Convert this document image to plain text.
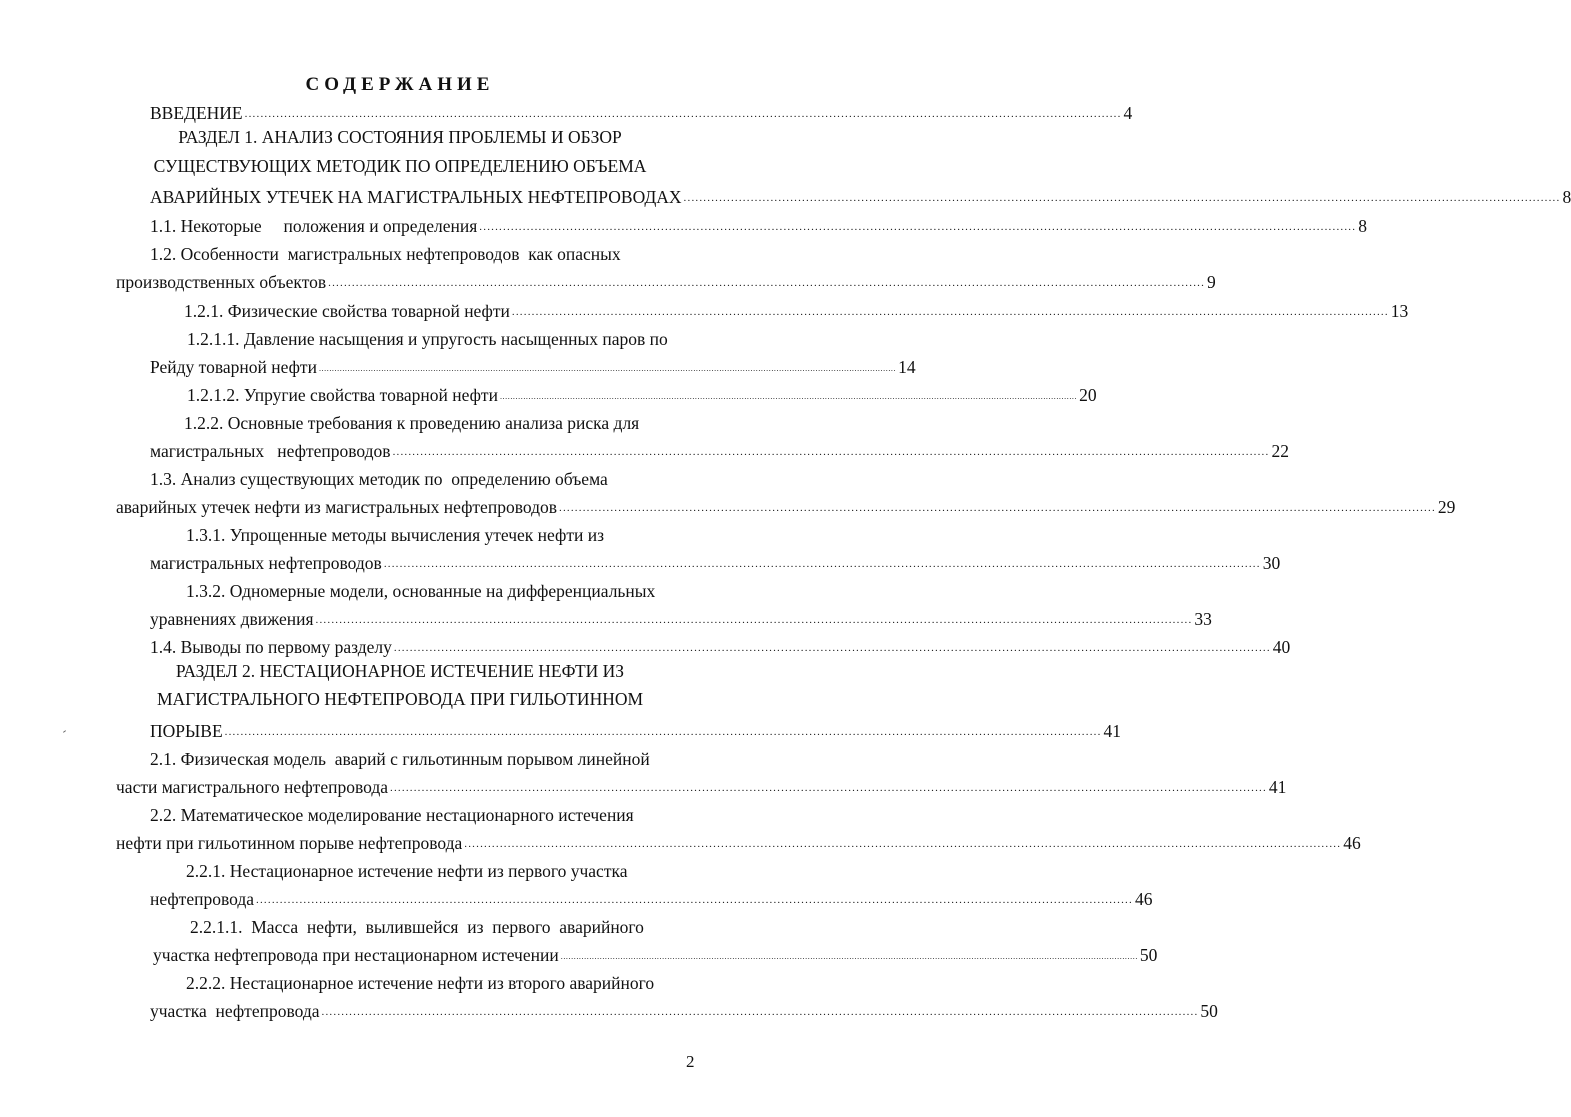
СОДЕРЖАНИЕ
ВВЕДЕНИЕ .............................................................................................................................................................................................................................. 4
РАЗДЕЛ 1. АНАЛИЗ СОСТОЯНИЯ ПРОБЛЕМЫ И ОБЗОР
СУЩЕСТВУЮЩИХ МЕТОДИК ПО ОПРЕДЕЛЕНИЮ ОБЪЕМА
АВАРИЙНЫХ УТЕЧЕК НА МАГИСТРАЛЬНЫХ НЕФТЕПРОВОДАХ .............................................................................................................................................................................................................................. 8
1.1. Некоторые     положения и определения .............................................................................................................................................................................................................................. 8
1.2. Особенности  магистральных нефтепроводов  как опасных
производственных объектов .............................................................................................................................................................................................................................. 9
1.2.1. Физические свойства товарной нефти .............................................................................................................................................................................................................................. 13
1.2.1.1. Давление насыщения и упругость насыщенных паров по
Рейду товарной нефти .............................................................................................................................................................................................................................. 14
1.2.1.2. Упругие свойства товарной нефти .............................................................................................................................................................................................................................. 20
1.2.2. Основные требования к проведению анализа риска для
магистральных   нефтепроводов .............................................................................................................................................................................................................................. 22
1.3. Анализ существующих методик по  определению объема
аварийных утечек нефти из магистральных нефтепроводов .............................................................................................................................................................................................................................. 29
1.3.1. Упрощенные методы вычисления утечек нефти из
магистральных нефтепроводов .............................................................................................................................................................................................................................. 30
1.3.2. Одномерные модели, основанные на дифференциальных
уравнениях движения .............................................................................................................................................................................................................................. 33
1.4. Выводы по первому разделу .............................................................................................................................................................................................................................. 40
РАЗДЕЛ 2. НЕСТАЦИОНАРНОЕ ИСТЕЧЕНИЕ НЕФТИ ИЗ
МАГИСТРАЛЬНОГО НЕФТЕПРОВОДА ПРИ ГИЛЬОТИННОМ
ПОРЫВЕ .............................................................................................................................................................................................................................. 41
2.1. Физическая модель  аварий с гильотинным порывом линейной
части магистрального нефтепровода .............................................................................................................................................................................................................................. 41
2.2. Математическое моделирование нестационарного истечения
нефти при гильотинном порыве нефтепровода .............................................................................................................................................................................................................................. 46
2.2.1. Нестационарное истечение нефти из первого участка
нефтепровода .............................................................................................................................................................................................................................. 46
2.2.1.1.  Масса  нефти,  вылившейся  из  первого  аварийного
участка нефтепровода при нестационарном истечении .............................................................................................................................................................................................................................. 50
2.2.2. Нестационарное истечение нефти из второго аварийного
участка  нефтепровода .............................................................................................................................................................................................................................. 50
2
